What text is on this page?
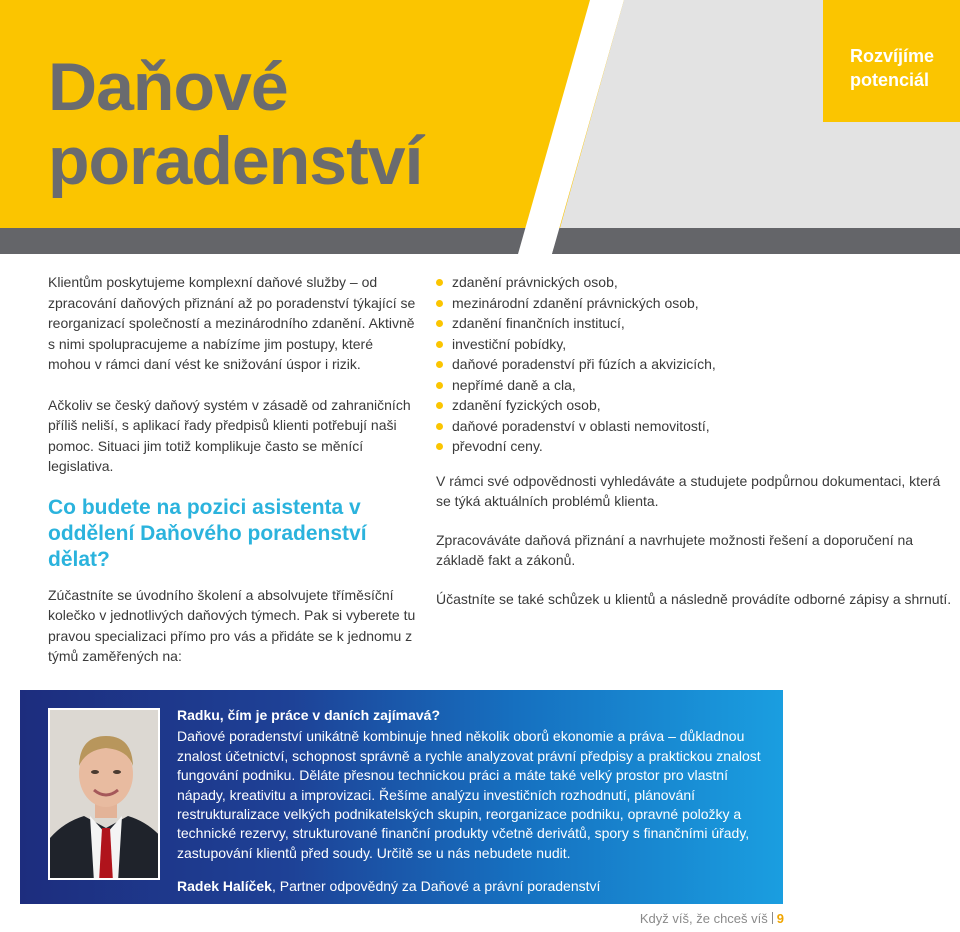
Daňové
poradenství
Rozvíjíme
potenciál

Klientům poskytujeme komplexní daňové služby – od zpracování daňových přiznání až po poradenství týkající se reorganizací společností a mezinárodního zdanění. Aktivně s nimi spolupracujeme a nabízíme jim postupy, které mohou v rámci daní vést ke snižování úspor i rizik.

Ačkoliv se český daňový systém v zásadě od zahraničních příliš neliší, s aplikací řady předpisů klienti potřebují naši pomoc. Situaci jim totiž komplikuje často se měnící legislativa.

Co budete na pozici asistenta v oddělení Daňového poradenství dělat?

Zúčastníte se úvodního školení a absolvujete tříměsíční kolečko v jednotlivých daňových týmech. Pak si vyberete tu pravou specializaci přímo pro vás a přidáte se k jednomu z týmů zaměřených na:

zdanění právnických osob,
mezinárodní zdanění právnických osob,
zdanění finančních institucí,
investiční pobídky,
daňové poradenství při fúzích a akvizicích,
nepřímé daně a cla,
zdanění fyzických osob,
daňové poradenství v oblasti nemovitostí,
převodní ceny.

V rámci své odpovědnosti vyhledáváte a studujete podpůrnou dokumentaci, která se týká aktuálních problémů klienta.

Zpracováváte daňová přiznání a navrhujete možnosti řešení a doporučení na základě fakt a zákonů.

Účastníte se také schůzek u klientů a následně provádíte odborné zápisy a shrnutí.

Radku, čím je práce v daních zajímavá?
Daňové poradenství unikátně kombinuje hned několik oborů ekonomie a práva – důkladnou znalost účetnictví, schopnost správně a rychle analyzovat právní předpisy a praktickou znalost fungování podniku. Děláte přesnou technickou práci a máte také velký prostor pro vlastní nápady, kreativitu a improvizaci. Řešíme analýzu investičních rozhodnutí, plánování restrukturalizace velkých podnikatelských skupin, reorganizace podniku, opravné položky a technické rezervy, strukturované finanční produkty včetně derivátů, spory s finančními úřady, zastupování klientů před soudy. Určitě se u nás nebudete nudit.
Radek Halíček, Partner odpovědný za Daňové a právní poradenství
Když víš, že chceš víš 9
